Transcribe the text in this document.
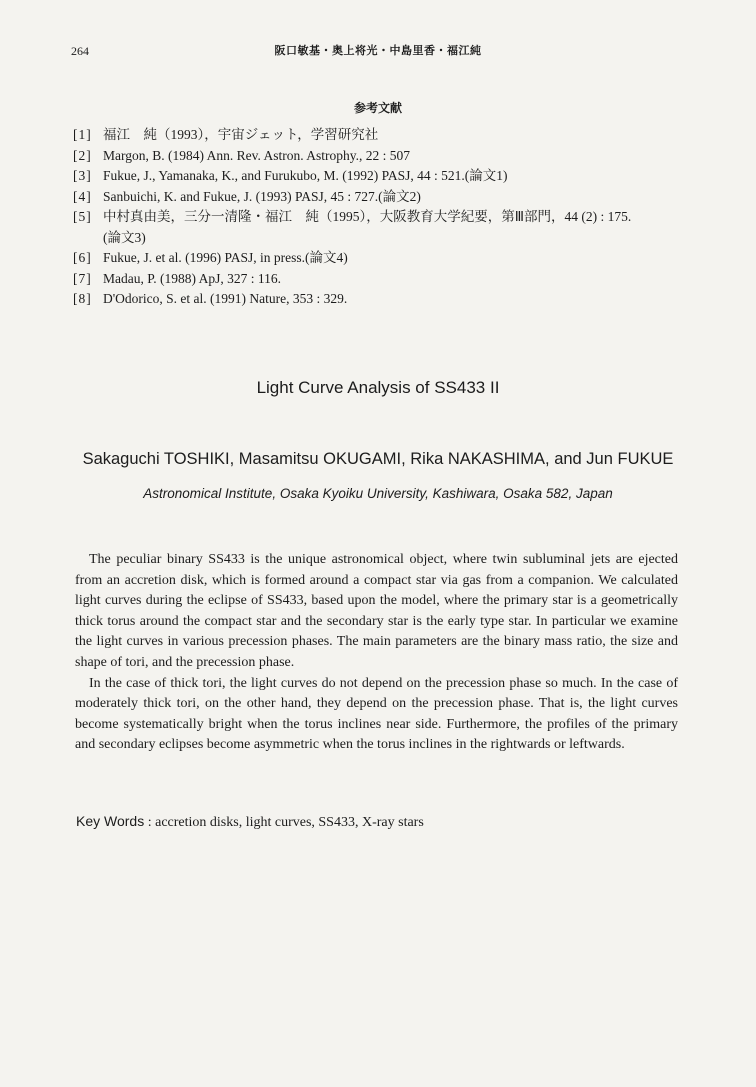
264	阪口敏基・奥上将光・中島里香・福江純
参考文献
[1] 福江　純（1993），宇宙ジェット，学習研究社
[2] Margon, B. (1984) Ann. Rev. Astron. Astrophy., 22 : 507
[3] Fukue, J., Yamanaka, K., and Furukubo, M. (1992) PASJ, 44 : 521.(論文1)
[4] Sanbuichi, K. and Fukue, J. (1993) PASJ, 45 : 727.(論文2)
[5] 中村真由美，三分一清隆・福江　純（1995），大阪教育大学紀要，第Ⅲ部門，44 (2) : 175.
(論文3)
[6] Fukue, J. et al. (1996) PASJ, in press.(論文4)
[7] Madau, P. (1988) ApJ, 327 : 116.
[8] D'Odorico, S. et al. (1991) Nature, 353 : 329.
Light Curve Analysis of SS433 II
Sakaguchi TOSHIKI, Masamitsu OKUGAMI, Rika NAKASHIMA, and Jun FUKUE
Astronomical Institute, Osaka Kyoiku University, Kashiwara, Osaka 582, Japan

The peculiar binary SS433 is the unique astronomical object, where twin subluminal jets are ejected from an accretion disk, which is formed around a compact star via gas from a companion. We calculated light curves during the eclipse of SS433, based upon the model, where the primary star is a geometrically thick torus around the compact star and the secondary star is the early type star. In particular we examine the light curves in various precession phases. The main parameters are the binary mass ratio, the size and shape of tori, and the precession phase.

In the case of thick tori, the light curves do not depend on the precession phase so much. In the case of moderately thick tori, on the other hand, they depend on the precession phase. That is, the light curves become systematically bright when the torus inclines near side. Furthermore, the profiles of the primary and secondary eclipses become asymmetric when the torus inclines in the rightwards or leftwards.

Key Words : accretion disks, light curves, SS433, X-ray stars
